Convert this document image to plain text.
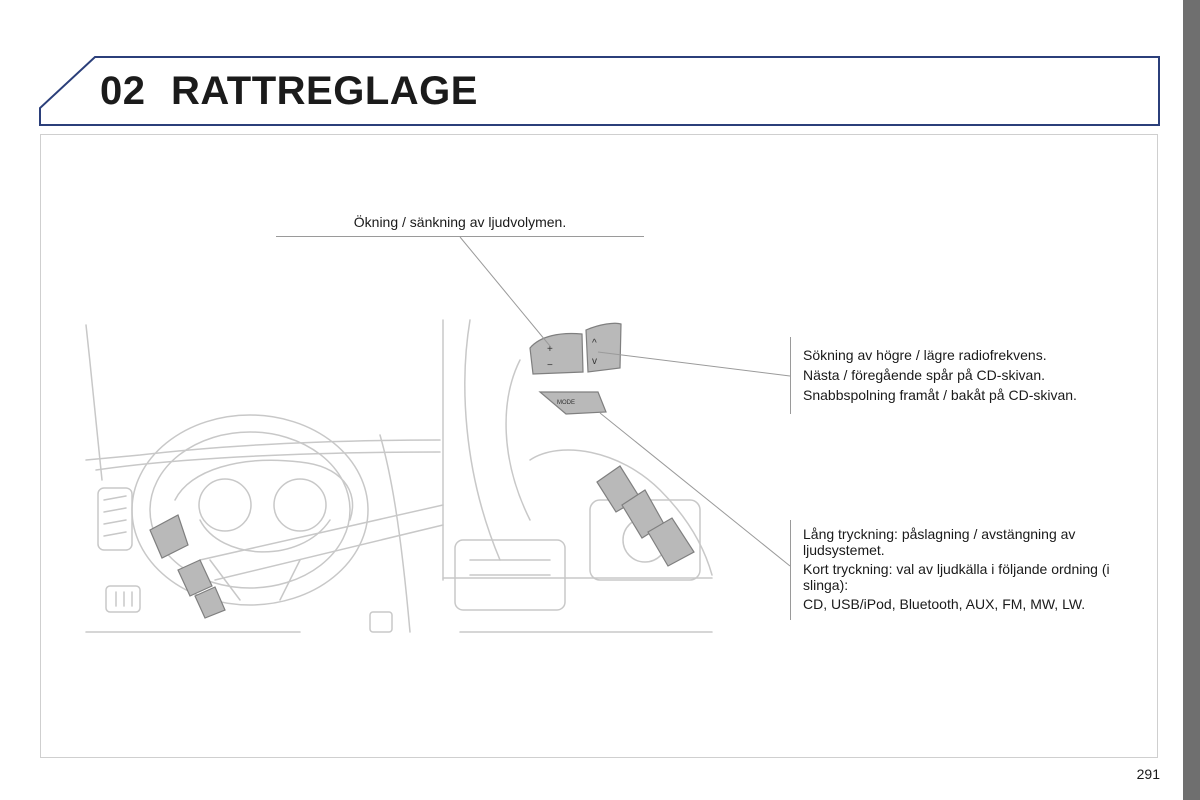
02 RATTREGLAGE
+
−
^
v
MODE

Ökning / sänkning av ljudvolymen.

Sökning av högre / lägre radiofrekvens.

Nästa / föregående spår på CD-skivan.

Snabbspolning framåt / bakåt på CD-skivan.

Lång tryckning: påslagning / avstängning av ljudsystemet.

Kort tryckning: val av ljudkälla i följande ordning (i slinga):

CD, USB/iPod, Bluetooth, AUX, FM, MW, LW.

291
